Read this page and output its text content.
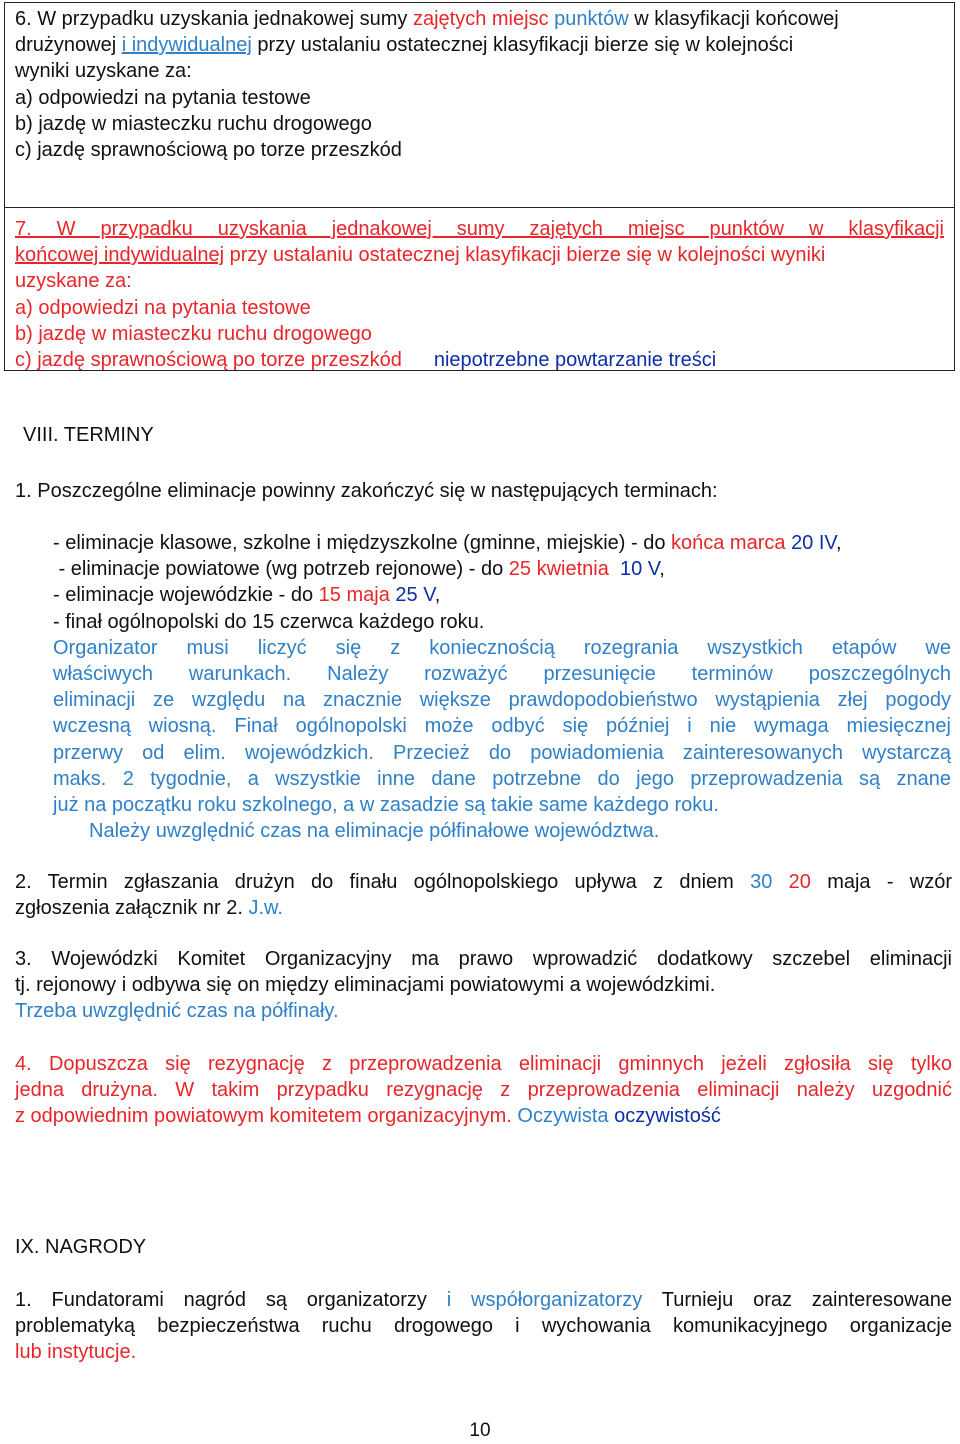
6. W przypadku uzyskania jednakowej sumy zajętych miejsc punktów w klasyfikacji końcowej
drużynowej i indywidualnej przy ustalaniu ostatecznej klasyfikacji bierze się w kolejności
wyniki uzyskane za:
a) odpowiedzi na pytania testowe
b) jazdę w miasteczku ruchu drogowego
c) jazdę sprawnościową po torze przeszkód
7. W przypadku uzyskania jednakowej sumy zajętych miejsc punktów w klasyfikacji
końcowej indywidualnej przy ustalaniu ostatecznej klasyfikacji bierze się w kolejności wyniki
uzyskane za:
a) odpowiedzi na pytania testowe
b) jazdę w miasteczku ruchu drogowego
c) jazdę sprawnościową po torze przeszkód niepotrzebne powtarzanie treści
VIII. TERMINY
1. Poszczególne eliminacje powinny zakończyć się w następujących terminach:
- eliminacje klasowe, szkolne i międzyszkolne (gminne, miejskie) - do końca marca 20 IV,
- eliminacje powiatowe (wg potrzeb rejonowe) - do 25 kwietnia 10 V,
- eliminacje wojewódzkie - do 15 maja 25 V,
- finał ogólnopolski do 15 czerwca każdego roku.
Organizator musi liczyć się z koniecznością rozegrania wszystkich etapów we
właściwych warunkach. Należy rozważyć przesunięcie terminów poszczególnych
eliminacji ze względu na znacznie większe prawdopodobieństwo wystąpienia złej pogody
wczesną wiosną. Finał ogólnopolski może odbyć się później i nie wymaga miesięcznej
przerwy od elim. wojewódzkich. Przecież do powiadomienia zainteresowanych wystarczą
maks. 2 tygodnie, a wszystkie inne dane potrzebne do jego przeprowadzenia są znane
już na początku roku szkolnego, a w zasadzie są takie same każdego roku.
Należy uwzględnić czas na eliminacje półfinałowe województwa.
2. Termin zgłaszania drużyn do finału ogólnopolskiego upływa z dniem 30 20 maja - wzór
zgłoszenia załącznik nr 2. J.w.
3. Wojewódzki Komitet Organizacyjny ma prawo wprowadzić dodatkowy szczebel eliminacji
tj. rejonowy i odbywa się on między eliminacjami powiatowymi a wojewódzkimi.
Trzeba uwzględnić czas na półfinały.
4. Dopuszcza się rezygnację z przeprowadzenia eliminacji gminnych jeżeli zgłosiła się tylko
jedna drużyna. W takim przypadku rezygnację z przeprowadzenia eliminacji należy uzgodnić
z odpowiednim powiatowym komitetem organizacyjnym. Oczywista oczywistość
IX. NAGRODY
1. Fundatorami nagród są organizatorzy i współorganizatorzy Turnieju oraz zainteresowane
problematyką bezpieczeństwa ruchu drogowego i wychowania komunikacyjnego organizacje
lub instytucje.
10
